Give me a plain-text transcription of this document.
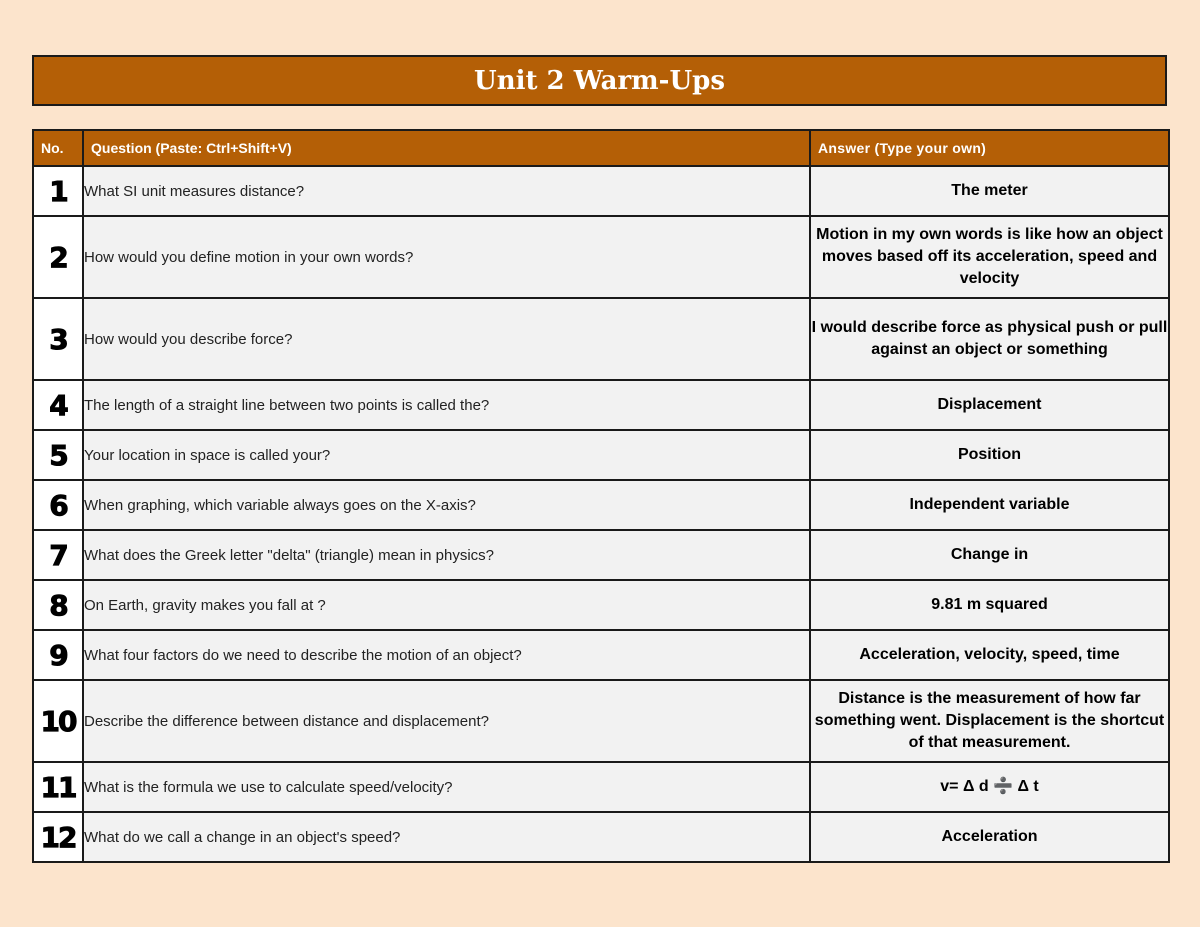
Unit 2 Warm-Ups
No.	Question (Paste: Ctrl+Shift+V)	Answer (Type your own)
1	What SI unit measures distance?	The meter
2	How would you define motion in your own words?	Motion in my own words is like how an object moves based off its acceleration, speed and velocity
3	How would you describe force?	I would describe force as physical push or pull against an object or something
4	The length of a straight line between two points is called the?	Displacement
5	Your location in space is called your?	Position
6	When graphing, which variable always goes on the X-axis?	Independent variable
7	What does the Greek letter "delta" (triangle) mean in physics?	Change in
8	On Earth, gravity makes you fall at ?	9.81 m squared
9	What four factors do we need to describe the motion of an object?	Acceleration, velocity, speed, time
10	Describe the difference between distance and displacement?	Distance is the measurement of how far something went. Displacement is the shortcut of that measurement.
11	What is the formula we use to calculate speed/velocity?	v= Δ d ➗ Δ t
12	What do we call a change in an object's speed?	Acceleration
